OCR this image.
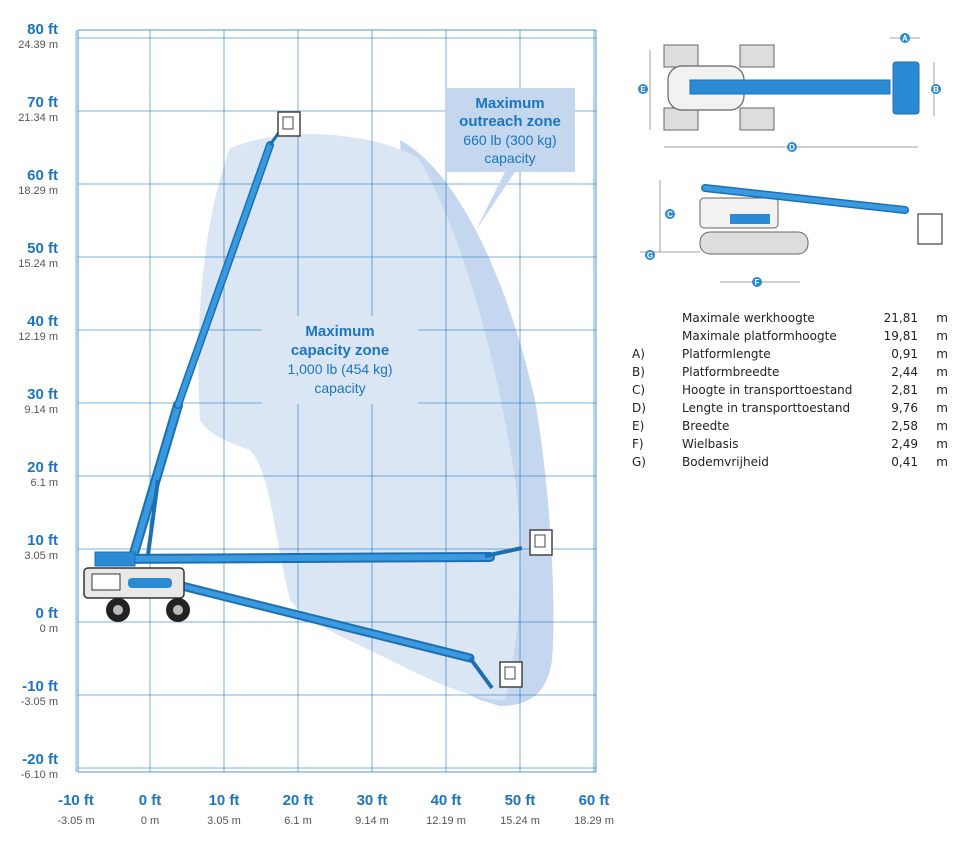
-10 ft
-3.05 m
0 ft
0 m
10 ft
3.05 m
20 ft
6.1 m
30 ft
9.14 m
40 ft
12.19 m
50 ft
15.24 m
60 ft
18.29 m
80 ft
24.39 m
70 ft
21.34 m
60 ft
18.29 m
50 ft
15.24 m
40 ft
12.19 m
30 ft
9.14 m
20 ft
6.1 m
10 ft
3.05 m
0 ft
0 m
-10 ft
-3.05 m
-20 ft
-6.10 m
Maximum
capacity zone
1,000 lb (454 kg)
capacity
Maximum
outreach zone
660 lb (300 kg)
capacity
A
B
C
D
E
F
G
	Maximale werkhoogte	21,81	m
	Maximale platformhoogte	19,81	m
A)	Platformlengte	0,91	m
B)	Platformbreedte	2,44	m
C)	Hoogte in transporttoestand	2,81	m
D)	Lengte in transporttoestand	9,76	m
E)	Breedte	2,58	m
F)	Wielbasis	2,49	m
G)	Bodemvrijheid	0,41	m
